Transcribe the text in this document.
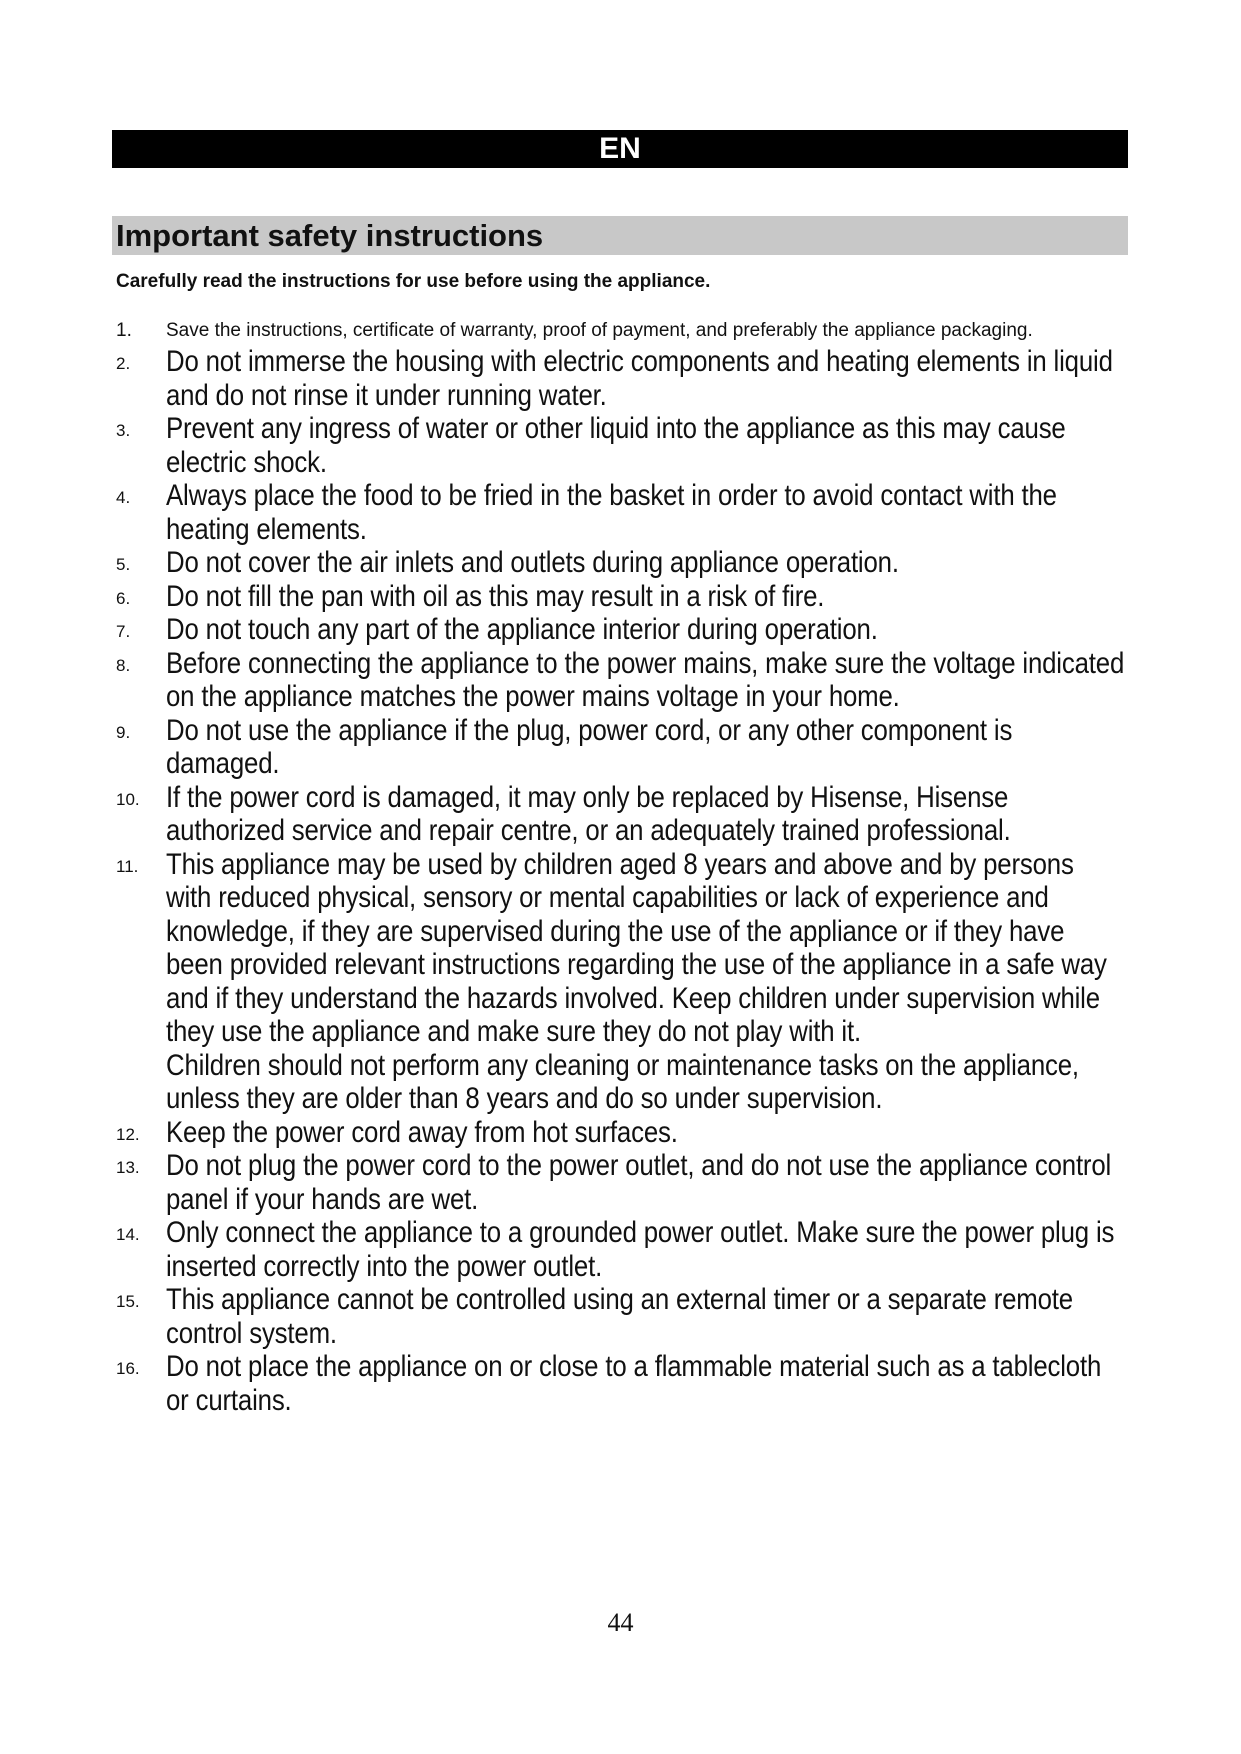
EN
Important safety instructions
Carefully read the instructions for use before using the appliance.
1. Save the instructions, certificate of warranty, proof of payment, and preferably the appliance packaging.
2. Do not immerse the housing with electric components and heating elements in liquid and do not rinse it under running water.
3. Prevent any ingress of water or other liquid into the appliance as this may cause electric shock.
4. Always place the food to be fried in the basket in order to avoid contact with the heating elements.
5. Do not cover the air inlets and outlets during appliance operation.
6. Do not fill the pan with oil as this may result in a risk of fire.
7. Do not touch any part of the appliance interior during operation.
8. Before connecting the appliance to the power mains, make sure the voltage indicated on the appliance matches the power mains voltage in your home.
9. Do not use the appliance if the plug, power cord, or any other component is damaged.
10. If the power cord is damaged, it may only be replaced by Hisense, Hisense authorized service and repair centre, or an adequately trained professional.
11. This appliance may be used by children aged 8 years and above and by persons with reduced physical, sensory or mental capabilities or lack of experience and knowledge, if they are supervised during the use of the appliance or if they have been provided relevant instructions regarding the use of the appliance in a safe way and if they understand the hazards involved. Keep children under supervision while they use the appliance and make sure they do not play with it.
Children should not perform any cleaning or maintenance tasks on the appliance, unless they are older than 8 years and do so under supervision.
12. Keep the power cord away from hot surfaces.
13. Do not plug the power cord to the power outlet, and do not use the appliance control panel if your hands are wet.
14. Only connect the appliance to a grounded power outlet. Make sure the power plug is inserted correctly into the power outlet.
15. This appliance cannot be controlled using an external timer or a separate remote control system.
16. Do not place the appliance on or close to a flammable material such as a tablecloth or curtains.
44
